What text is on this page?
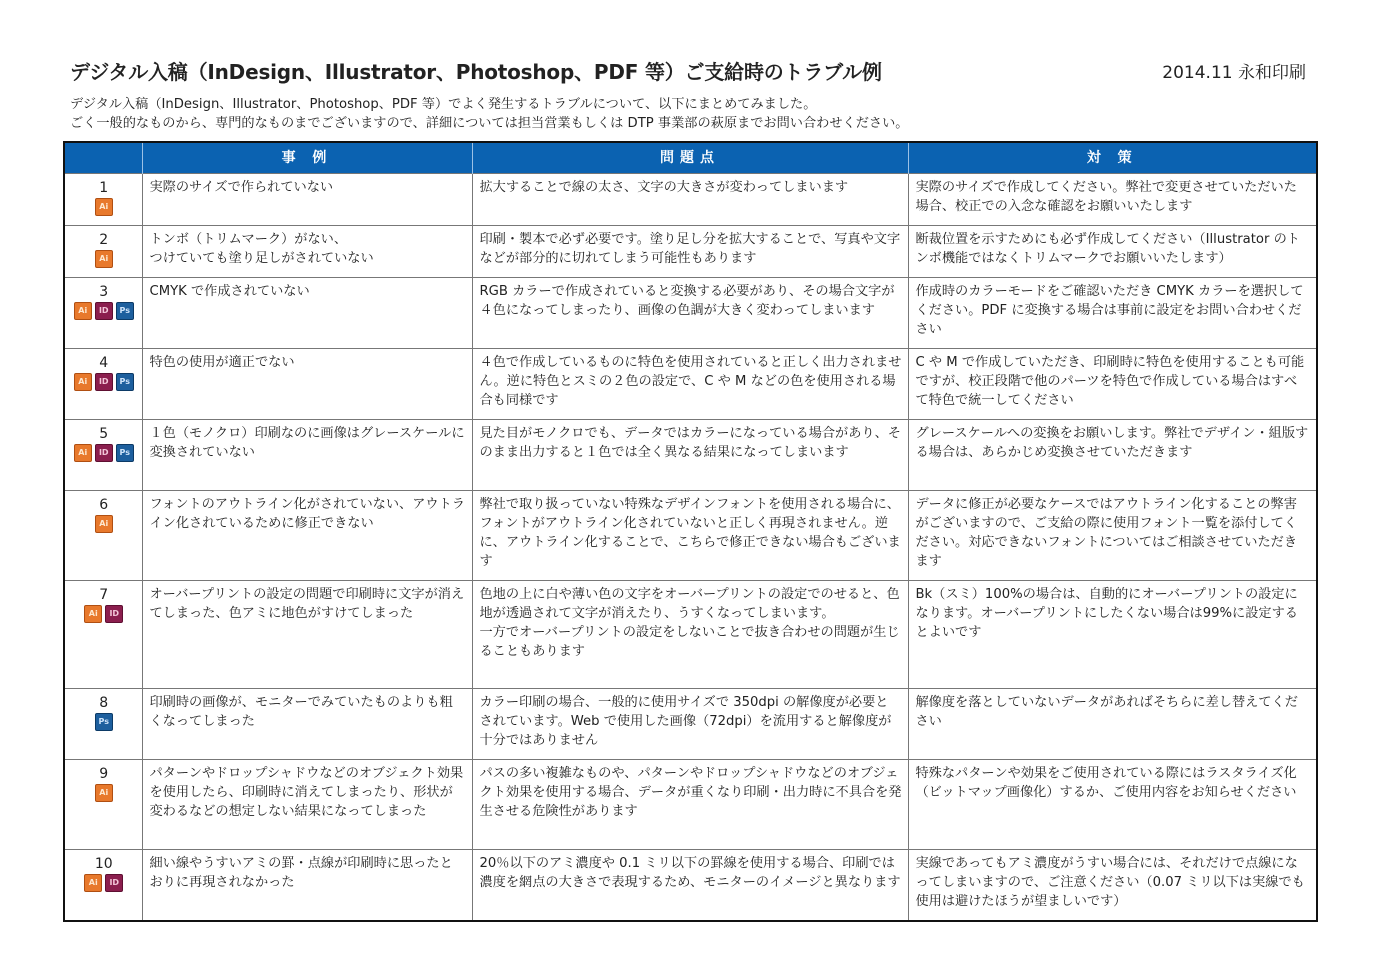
デジタル入稿（InDesign、Illustrator、Photoshop、PDF 等）ご支給時のトラブル例	2014.11 永和印刷
デジタル入稿（InDesign、Illustrator、Photoshop、PDF 等）でよく発生するトラブルについて、以下にまとめてみました。
ごく一般的なものから、専門的なものまでございますので、詳細については担当営業もしくは DTP 事業部の萩原までお問い合わせください。
	事 例	問題点	対 策

1
Ai	実際のサイズで作られていない	拡大することで線の太さ、文字の大きさが変わってしまいます	実際のサイズで作成してください。弊社で変更させていただいた場合、校正での入念な確認をお願いいたします

2
Ai	トンボ（トリムマーク）がない、
つけていても塗り足しがされていない	印刷・製本で必ず必要です。塗り足し分を拡大することで、写真や文字などが部分的に切れてしまう可能性もあります	断裁位置を示すためにも必ず作成してください（Illustrator のトンボ機能ではなくトリムマークでお願いいたします）

3
Ai ID Ps	CMYK で作成されていない	RGB カラーで作成されていると変換する必要があり、その場合文字が４色になってしまったり、画像の色調が大きく変わってしまいます	作成時のカラーモードをご確認いただき CMYK カラーを選択してください。PDF に変換する場合は事前に設定をお問い合わせください

4
Ai ID Ps	特色の使用が適正でない	４色で作成しているものに特色を使用されていると正しく出力されません。逆に特色とスミの２色の設定で、C や M などの色を使用される場合も同様です	C や M で作成していただき、印刷時に特色を使用することも可能ですが、校正段階で他のパーツを特色で作成している場合はすべて特色で統一してください

5
Ai ID Ps	１色（モノクロ）印刷なのに画像はグレースケールに変換されていない	見た目がモノクロでも、データではカラーになっている場合があり、そのまま出力すると１色では全く異なる結果になってしまいます	グレースケールへの変換をお願いします。弊社でデザイン・組版する場合は、あらかじめ変換させていただきます

6
Ai	フォントのアウトライン化がされていない、アウトライン化されているために修正できない	弊社で取り扱っていない特殊なデザインフォントを使用される場合に、フォントがアウトライン化されていないと正しく再現されません。逆に、アウトライン化することで、こちらで修正できない場合もございます	データに修正が必要なケースではアウトライン化することの弊害がございますので、ご支給の際に使用フォント一覧を添付してください。対応できないフォントについてはご相談させていただきます

7
Ai ID	オーバープリントの設定の問題で印刷時に文字が消えてしまった、色アミに地色がすけてしまった	色地の上に白や薄い色の文字をオーバープリントの設定でのせると、色地が透過されて文字が消えたり、うすくなってしまいます。
一方でオーバープリントの設定をしないことで抜き合わせの問題が生じることもあります	Bk（スミ）100%の場合は、自動的にオーバープリントの設定になります。オーバープリントにしたくない場合は99%に設定するとよいです

8
Ps	印刷時の画像が、モニターでみていたものよりも粗くなってしまった	カラー印刷の場合、一般的に使用サイズで 350dpi の解像度が必要とされています。Web で使用した画像（72dpi）を流用すると解像度が十分ではありません	解像度を落としていないデータがあればそちらに差し替えてください

9
Ai	パターンやドロップシャドウなどのオブジェクト効果を使用したら、印刷時に消えてしまったり、形状が変わるなどの想定しない結果になってしまった	パスの多い複雑なものや、パターンやドロップシャドウなどのオブジェクト効果を使用する場合、データが重くなり印刷・出力時に不具合を発生させる危険性があります	特殊なパターンや効果をご使用されている際にはラスタライズ化（ビットマップ画像化）するか、ご使用内容をお知らせください

10
Ai ID	細い線やうすいアミの罫・点線が印刷時に思ったとおりに再現されなかった	20％以下のアミ濃度や 0.1 ミリ以下の罫線を使用する場合、印刷では濃度を網点の大きさで表現するため、モニターのイメージと異なります	実線であってもアミ濃度がうすい場合には、それだけで点線になってしまいますので、ご注意ください（0.07 ミリ以下は実線でも使用は避けたほうが望ましいです）
